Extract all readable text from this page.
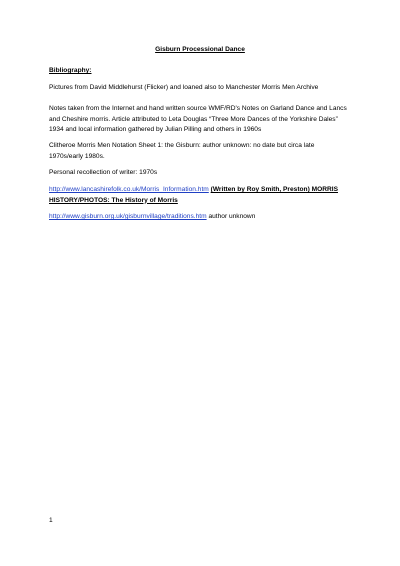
Gisburn Processional Dance
Bibliography:

Pictures from David Middlehurst (Flicker) and loaned also to Manchester Morris Men Archive

Notes taken from the Internet and hand written source WMF/RD's Notes on Garland Dance and Lancs and Cheshire morris. Article attributed to Leta Douglas “Three More Dances of the Yorkshire Dales” 1934 and local information gathered by Julian Pilling and others in 1960s

Clitheroe Morris Men Notation Sheet 1: the Gisburn: author unknown: no date but circa late 1970s/early 1980s.

Personal recollection of writer: 1970s

http://www.lancashirefolk.co.uk/Morris_Information.htm (Written by Roy Smith, Preston) MORRIS HISTORY/PHOTOS: The History of Morris
http://www.gisburn.org.uk/gisburnvillage/traditions.htm author unknown
1
